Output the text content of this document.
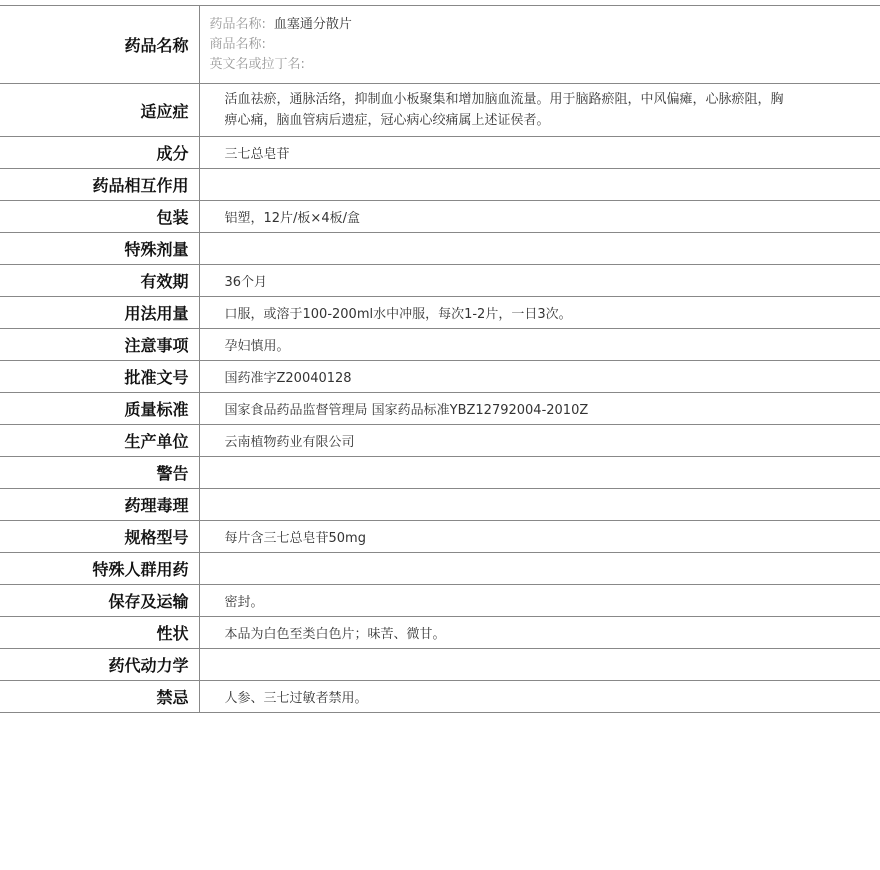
药品名称	药品名称: 血塞通分散片
商品名称:
英文名或拉丁名:

适应症	活血祛瘀，通脉活络，抑制血小板聚集和增加脑血流量。用于脑路瘀阻，中风偏瘫，心脉瘀阻，胸痹心痛，脑血管病后遗症，冠心病心绞痛属上述证侯者。
成分	三七总皂苷
药品相互作用	
包装	铝塑，12片/板×4板/盒
特殊剂量	
有效期	36个月
用法用量	口服，或溶于100-200ml水中冲服，每次1-2片，一日3次。
注意事项	孕妇慎用。
批准文号	国药准字Z20040128
质量标准	国家食品药品监督管理局 国家药品标准YBZ12792004-2010Z
生产单位	云南植物药业有限公司
警告	
药理毒理	
规格型号	每片含三七总皂苷50mg
特殊人群用药	
保存及运输	密封。
性状	本品为白色至类白色片；味苦、微甘。
药代动力学	
禁忌	人参、三七过敏者禁用。
